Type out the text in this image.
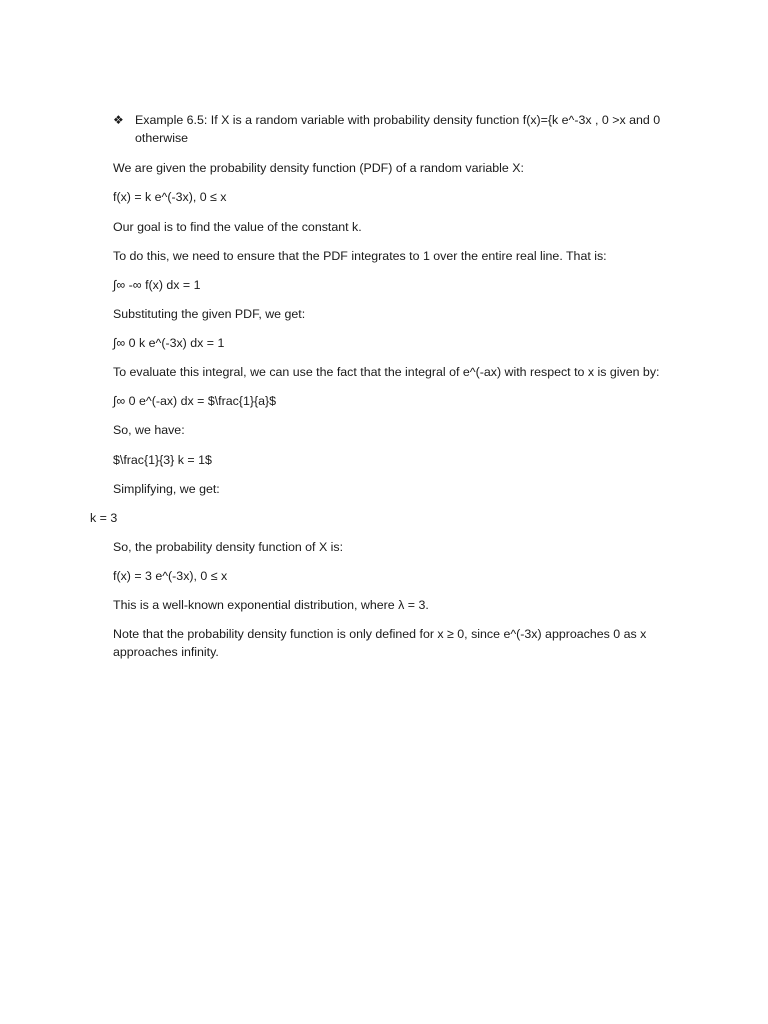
❖ Example 6.5: If X is a random variable with probability density function f(x)={k e^-3x , 0 >x and 0 otherwise
We are given the probability density function (PDF) of a random variable X:
f(x) = k e^(-3x), 0 ≤ x
Our goal is to find the value of the constant k.
To do this, we need to ensure that the PDF integrates to 1 over the entire real line. That is:
∫∞ -∞ f(x) dx = 1
Substituting the given PDF, we get:
∫∞ 0 k e^(-3x) dx = 1
To evaluate this integral, we can use the fact that the integral of e^(-ax) with respect to x is given by:
∫∞ 0 e^(-ax) dx = $\frac{1}{a}$
So, we have:
$\frac{1}{3} k = 1$
Simplifying, we get:
k = 3
So, the probability density function of X is:
f(x) = 3 e^(-3x), 0 ≤ x
This is a well-known exponential distribution, where λ = 3.
Note that the probability density function is only defined for x ≥ 0, since e^(-3x) approaches 0 as x approaches infinity.
